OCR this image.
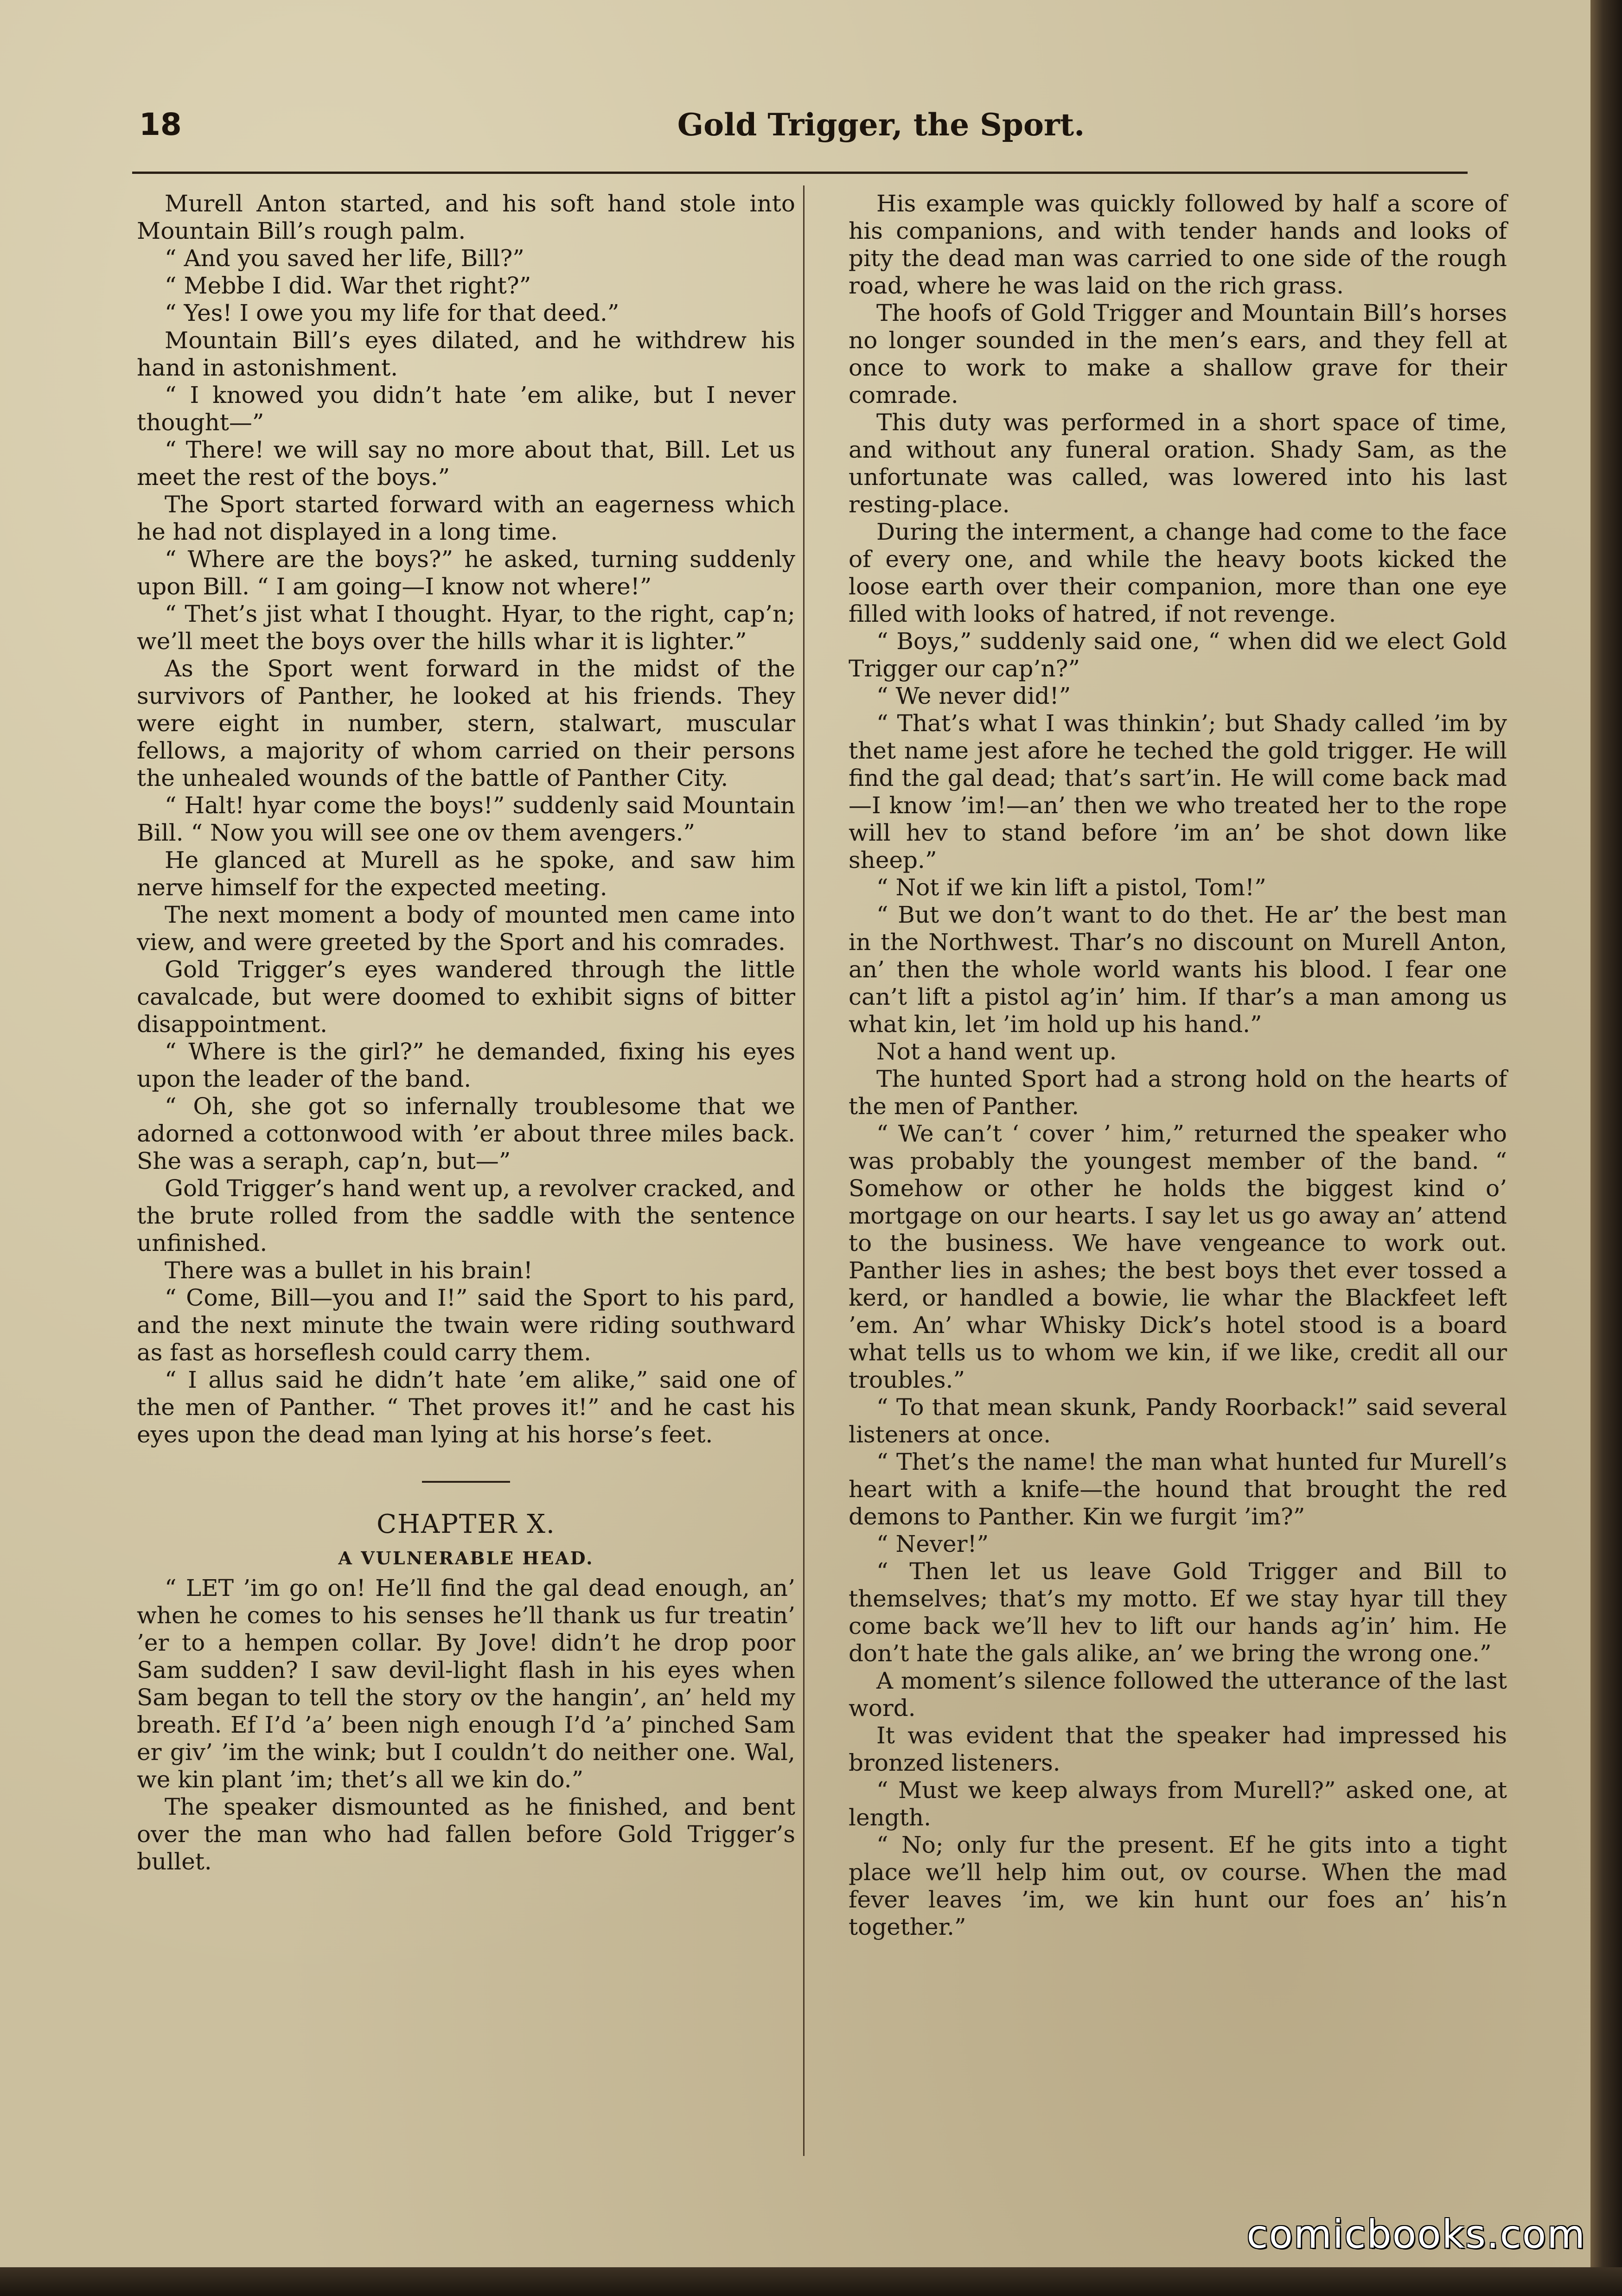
18	Gold Trigger, the Sport.

Murell Anton started, and his soft hand stole into Mountain Bill’s rough palm.

“ And you saved her life, Bill?”

“ Mebbe I did. War thet right?”

“ Yes! I owe you my life for that deed.”

Mountain Bill’s eyes dilated, and he withdrew his hand in astonishment.

“ I knowed you didn’t hate ’em alike, but I never thought—”

“ There! we will say no more about that, Bill. Let us meet the rest of the boys.”

The Sport started forward with an eagerness which he had not displayed in a long time.

“ Where are the boys?” he asked, turning suddenly upon Bill. “ I am going—I know not where!”

“ Thet’s jist what I thought. Hyar, to the right, cap’n; we’ll meet the boys over the hills whar it is lighter.”

As the Sport went forward in the midst of the survivors of Panther, he looked at his friends. They were eight in number, stern, stalwart, muscular fellows, a majority of whom carried on their persons the unhealed wounds of the battle of Panther City.

“ Halt! hyar come the boys!” suddenly said Mountain Bill. “ Now you will see one ov them avengers.”

He glanced at Murell as he spoke, and saw him nerve himself for the expected meeting.

The next moment a body of mounted men came into view, and were greeted by the Sport and his comrades.

Gold Trigger’s eyes wandered through the little cavalcade, but were doomed to exhibit signs of bitter disappointment.

“ Where is the girl?” he demanded, fixing his eyes upon the leader of the band.

“ Oh, she got so infernally troublesome that we adorned a cottonwood with ’er about three miles back. She was a seraph, cap’n, but—”

Gold Trigger’s hand went up, a revolver cracked, and the brute rolled from the saddle with the sentence unfinished.

There was a bullet in his brain!

“ Come, Bill—you and I!” said the Sport to his pard, and the next minute the twain were riding southward as fast as horseflesh could carry them.

“ I allus said he didn’t hate ’em alike,” said one of the men of Panther. “ Thet proves it!” and he cast his eyes upon the dead man lying at his horse’s feet.

CHAPTER X.
A VULNERABLE HEAD.

“ LET ’im go on! He’ll find the gal dead enough, an’ when he comes to his senses he’ll thank us fur treatin’ ’er to a hempen collar. By Jove! didn’t he drop poor Sam sudden? I saw devil-light flash in his eyes when Sam began to tell the story ov the hangin’, an’ held my breath. Ef I’d ’a’ been nigh enough I’d ’a’ pinched Sam er giv’ ’im the wink; but I couldn’t do neither one. Wal, we kin plant ’im; thet’s all we kin do.”

The speaker dismounted as he finished, and bent over the man who had fallen before Gold Trigger’s bullet.

His example was quickly followed by half a score of his companions, and with tender hands and looks of pity the dead man was carried to one side of the rough road, where he was laid on the rich grass.

The hoofs of Gold Trigger and Mountain Bill’s horses no longer sounded in the men’s ears, and they fell at once to work to make a shallow grave for their comrade.

This duty was performed in a short space of time, and without any funeral oration. Shady Sam, as the unfortunate was called, was lowered into his last resting-place.

During the interment, a change had come to the face of every one, and while the heavy boots kicked the loose earth over their companion, more than one eye filled with looks of hatred, if not revenge.

“ Boys,” suddenly said one, “ when did we elect Gold Trigger our cap’n?”

“ We never did!”

“ That’s what I was thinkin’; but Shady called ’im by thet name jest afore he teched the gold trigger. He will find the gal dead; that’s sart’in. He will come back mad—I know ’im!—an’ then we who treated her to the rope will hev to stand before ’im an’ be shot down like sheep.”

“ Not if we kin lift a pistol, Tom!”

“ But we don’t want to do thet. He ar’ the best man in the Northwest. Thar’s no discount on Murell Anton, an’ then the whole world wants his blood. I fear one can’t lift a pistol ag’in’ him. If thar’s a man among us what kin, let ’im hold up his hand.”

Not a hand went up.

The hunted Sport had a strong hold on the hearts of the men of Panther.

“ We can’t ‘ cover ’ him,” returned the speaker who was probably the youngest member of the band. “ Somehow or other he holds the biggest kind o’ mortgage on our hearts. I say let us go away an’ attend to the business. We have vengeance to work out. Panther lies in ashes; the best boys thet ever tossed a kerd, or handled a bowie, lie whar the Blackfeet left ’em. An’ whar Whisky Dick’s hotel stood is a board what tells us to whom we kin, if we like, credit all our troubles.”

“ To that mean skunk, Pandy Roorback!” said several listeners at once.

“ Thet’s the name! the man what hunted fur Murell’s heart with a knife—the hound that brought the red demons to Panther. Kin we furgit ’im?”

“ Never!”

“ Then let us leave Gold Trigger and Bill to themselves; that’s my motto. Ef we stay hyar till they come back we’ll hev to lift our hands ag’in’ him. He don’t hate the gals alike, an’ we bring the wrong one.”

A moment’s silence followed the utterance of the last word.

It was evident that the speaker had impressed his bronzed listeners.

“ Must we keep always from Murell?” asked one, at length.

“ No; only fur the present. Ef he gits into a tight place we’ll help him out, ov course. When the mad fever leaves ’im, we kin hunt our foes an’ his’n together.”

comicbooks.com
